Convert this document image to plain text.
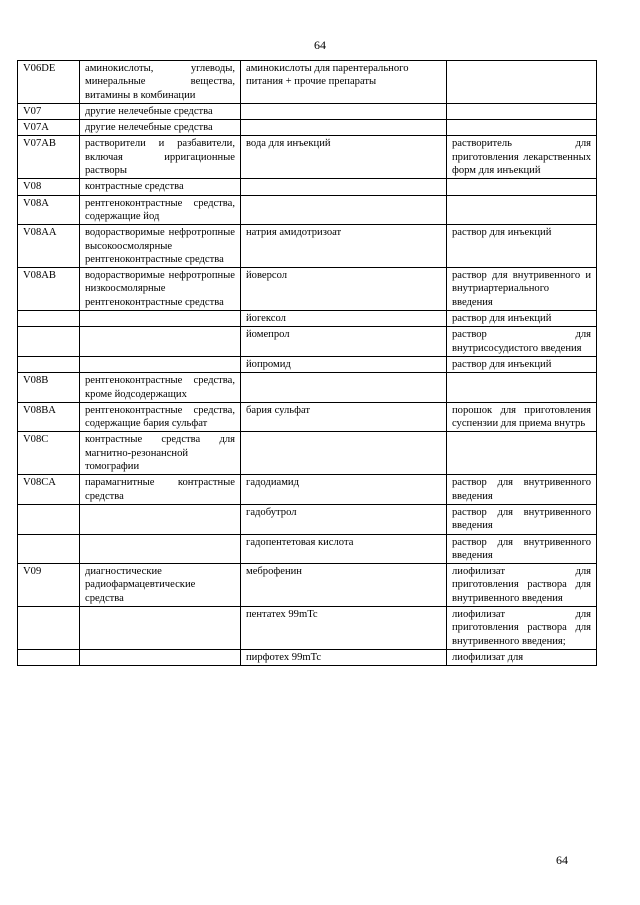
64
V06DE	аминокислоты, углеводы, минеральные вещества, витамины в комбинации	аминокислоты для парентерального питания + прочие препараты	
V07	другие нелечебные средства		
V07A	другие нелечебные средства		
V07AB	растворители и разбавители, включая ирригационные растворы	вода для инъекций	растворитель для приготовления лекарственных форм для инъекций
V08	контрастные средства		
V08A	рентгеноконтрастные средства, содержащие йод		
V08AA	водорастворимые нефротропные высокоосмолярные рентгеноконтрастные средства	натрия амидотризоат	раствор для инъекций
V08AB	водорастворимые нефротропные низкоосмолярные рентгеноконтрастные средства	йоверсол	раствор для внутривенного и внутриартериального введения
		йогексол	раствор для инъекций
		йомепрол	раствор для внутрисосудистого введения
		йопромид	раствор для инъекций
V08B	рентгеноконтрастные средства, кроме йодсодержащих		
V08BA	рентгеноконтрастные средства, содержащие бария сульфат	бария сульфат	порошок для приготовления суспензии для приема внутрь
V08C	контрастные средства для магнитно-резонансной томографии		
V08CA	парамагнитные контрастные средства	гадодиамид	раствор для внутривенного введения
		гадобутрол	раствор для внутривенного введения
		гадопентетовая кислота	раствор для внутривенного введения
V09	диагностические радиофармацевтические средства	меброфенин	лиофилизат для приготовления раствора для внутривенного введения
		пентатех 99mTc	лиофилизат для приготовления раствора для внутривенного введения;
		пирфотех 99mTc	лиофилизат для
64
